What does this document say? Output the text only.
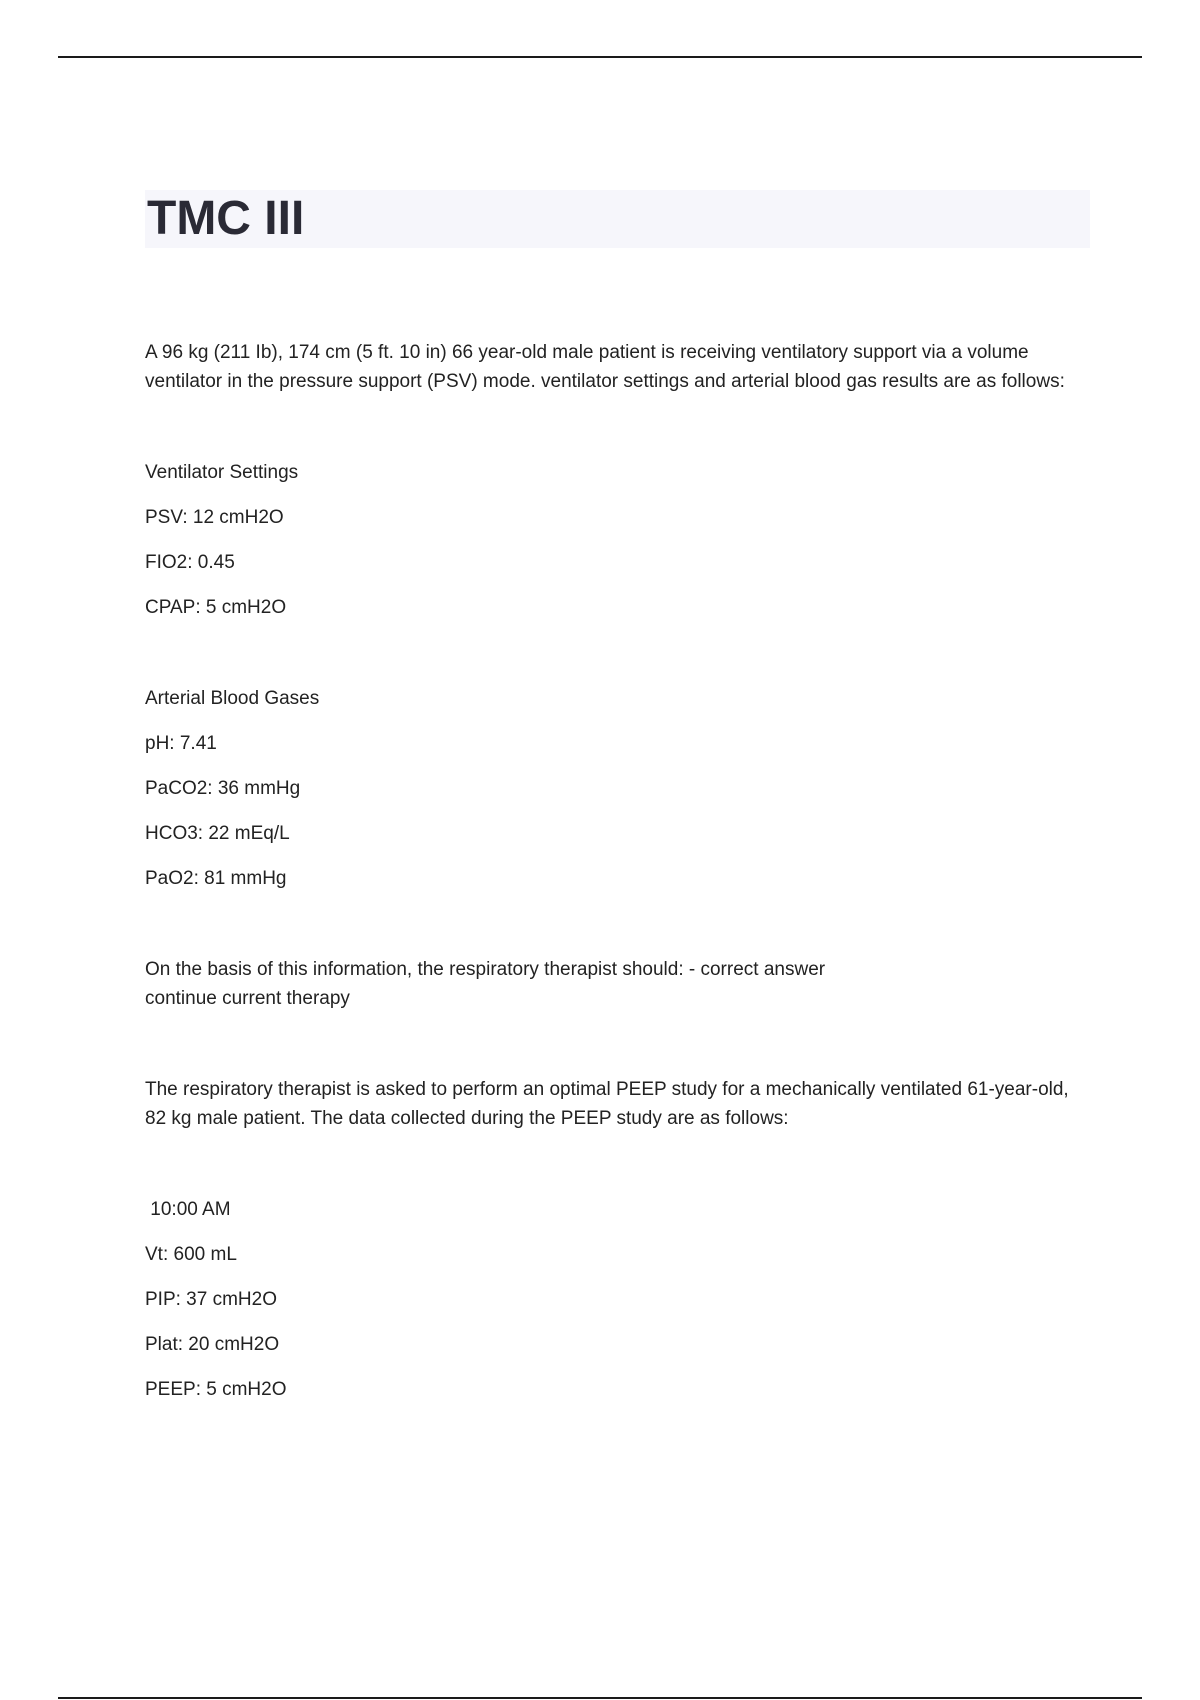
TMC III

A 96 kg (211 Ib), 174 cm (5 ft. 10 in) 66 year-old male patient is receiving ventilatory support via a volume ventilator in the pressure support (PSV) mode. ventilator settings and arterial blood gas results are as follows:

Ventilator Settings

PSV: 12 cmH2O

FIO2: 0.45

CPAP: 5 cmH2O

Arterial Blood Gases

pH: 7.41

PaCO2: 36 mmHg

HCO3: 22 mEq/L

PaO2: 81 mmHg

On the basis of this information, the respiratory therapist should: - correct answer

continue current therapy

The respiratory therapist is asked to perform an optimal PEEP study for a mechanically ventilated 61-year-old, 82 kg male patient. The data collected during the PEEP study are as follows:

10:00 AM

Vt: 600 mL

PIP: 37 cmH2O

Plat: 20 cmH2O

PEEP: 5 cmH2O
